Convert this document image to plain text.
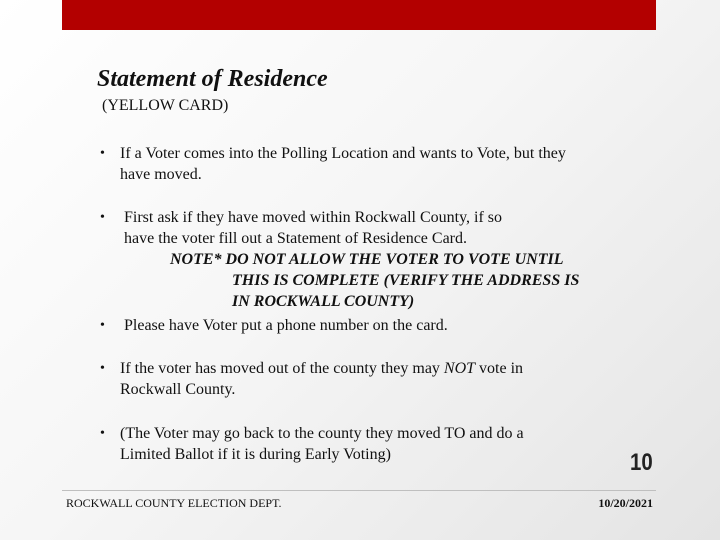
Statement of Residence
(YELLOW CARD)
• If a Voter comes into the Polling Location and wants to Vote, but they
have moved.
• First ask if they have moved within Rockwall County, if so
have the voter fill out a Statement of Residence Card.
NOTE* DO NOT ALLOW THE VOTER TO VOTE UNTIL
THIS IS COMPLETE (VERIFY THE ADDRESS IS
IN ROCKWALL COUNTY)
• Please have Voter put a phone number on the card.
• If the voter has moved out of the county they may NOT vote in
Rockwall County.
• (The Voter may go back to the county they moved TO and do a
Limited Ballot if it is during Early Voting)	10
ROCKWALL COUNTY ELECTION DEPT.	10/20/2021
